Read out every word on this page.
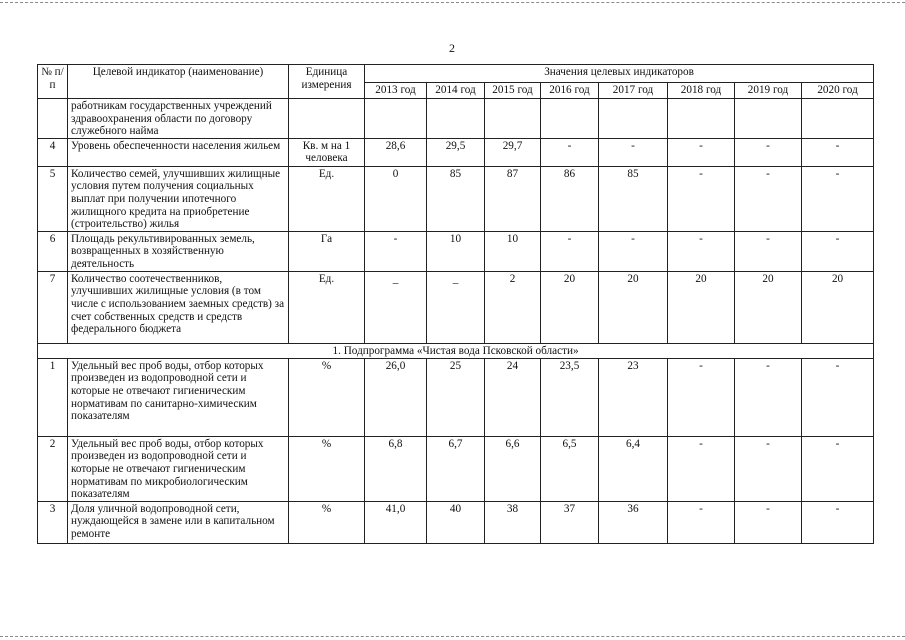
2
№ п/п	Целевой индикатор (наименование)	Единица измерения	Значения целевых индикаторов							
			2013 год	2014 год	2015 год	2016 год	2017 год	2018 год	2019 год	2020 год
	работникам государственных учреждений здравоохранения области по договору служебного найма									
4	Уровень обеспеченности населения жильем	Кв. м на 1 человека	28,6	29,5	29,7	-	-	-	-	-
5	Количество семей, улучшивших жилищные условия путем получения социальных выплат при получении ипотечного жилищного кредита на приобретение (строительство) жилья	Ед.	0	85	87	86	85	-	-	-
6	Площадь рекультивированных земель, возвращенных в хозяйственную деятельность	Га	-	10	10	-	-	-	-	-
7	Количество соотечественников, улучшивших жилищные условия (в том числе с использованием заемных средств) за счет собственных средств и средств федерального бюджета	Ед.	_	_	2	20	20	20	20	20
1. Подпрограмма «Чистая вода Псковской области»										
1	Удельный вес проб воды, отбор которых произведен из водопроводной сети и которые не отвечают гигиеническим нормативам по санитарно-химическим показателям	%	26,0	25	24	23,5	23	-	-	-
2	Удельный вес проб воды, отбор которых произведен из водопроводной сети и которые не отвечают гигиеническим нормативам по микробиологическим показателям	%	6,8	6,7	6,6	6,5	6,4	-	-	-
3	Доля уличной водопроводной сети, нуждающейся в замене или в капитальном ремонте	%	41,0	40	38	37	36	-	-	-
